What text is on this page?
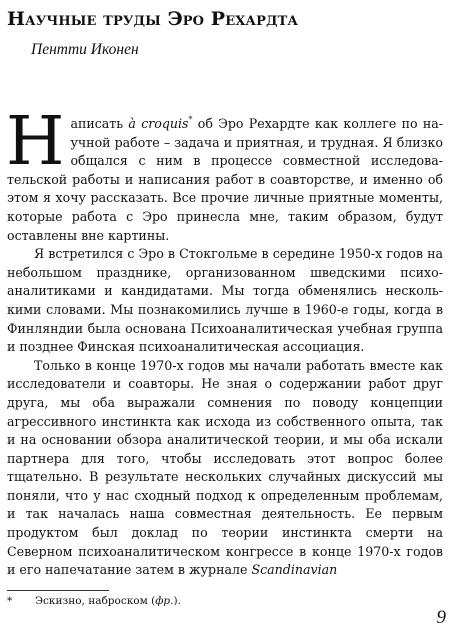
Научные труды Эро Рехардта

Пентти Иконен

Написать à croquis* об Эро Рехардте как коллеге по научной работе – задача и приятная, и трудная. Я близко общался с ним в процессе совместной исследовательской работы и написания работ в соавторстве, и именно об этом я хочу рассказать. Все прочие личные приятные моменты, которые работа с Эро принесла мне, таким образом, будут оставлены вне картины.

Я встретился с Эро в Стокгольме в середине 1950-х годов на небольшом празднике, организованном шведскими психоаналитиками и кандидатами. Мы тогда обменялись несколькими словами. Мы познакомились лучше в 1960-е годы, когда в Финляндии была основана Психоаналитическая учебная группа и позднее Финская психоаналитическая ассоциация.

Только в конце 1970-х годов мы начали работать вместе как исследователи и соавторы. Не зная о содержании работ друг друга, мы оба выражали сомнения по поводу концепции агрессивного инстинкта как исхода из собственного опыта, так и на основании обзора аналитической теории, и мы оба искали партнера для того, чтобы исследовать этот вопрос более тщательно. В результате нескольких случайных дискуссий мы поняли, что у нас сходный подход к определенным проблемам, и так началась наша совместная деятельность. Ее первым продуктом был доклад по теории инстинкта смерти на Северном психоаналитическом конгрессе в конце 1970-х годов и его напечатание затем в журнале Scandinavian

* Эскизно, наброском (фр.).

9
